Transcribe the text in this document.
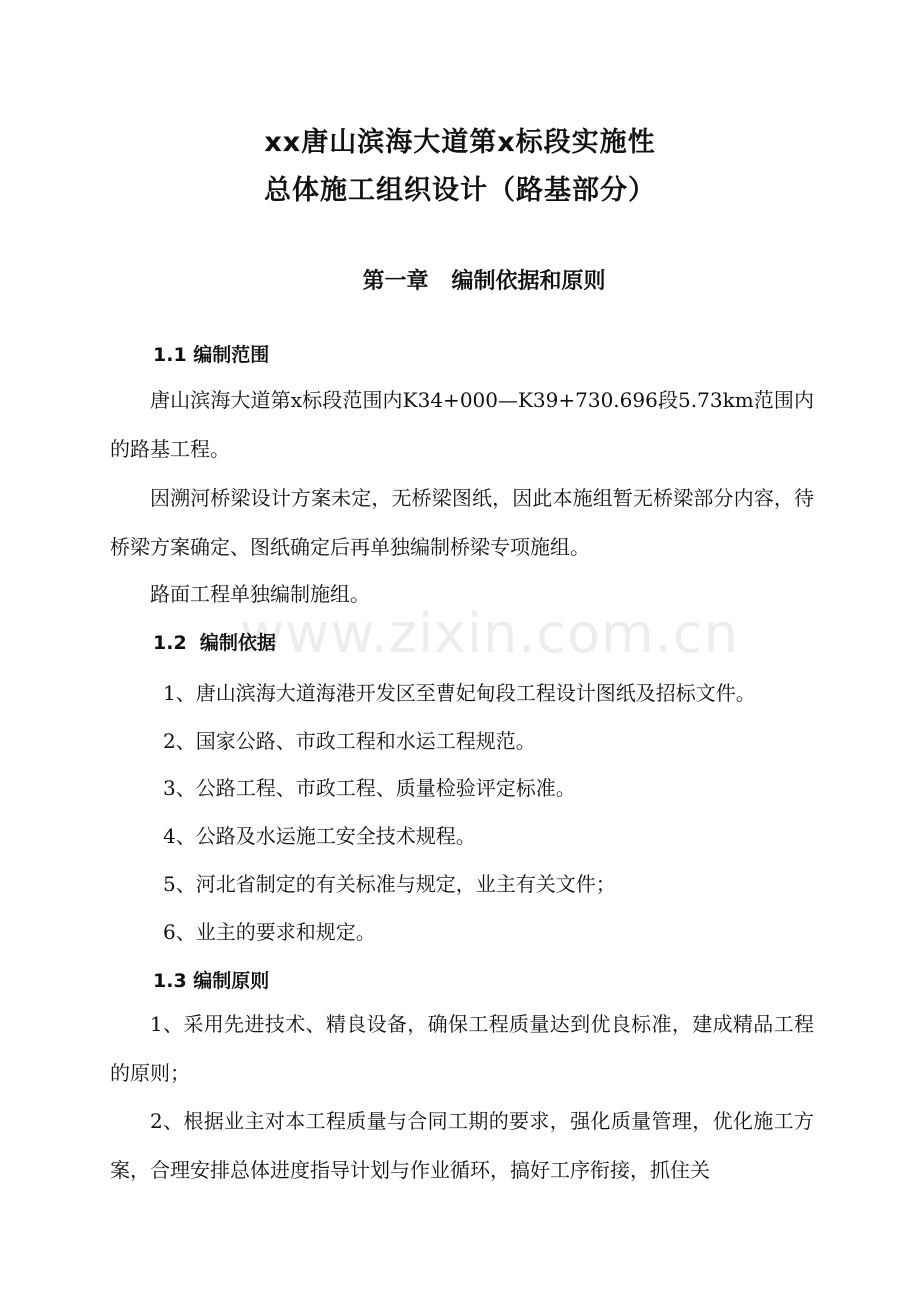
xx唐山滨海大道第x标段实施性
总体施工组织设计（路基部分）
第一章   编制依据和原则
1.1 编制范围

唐山滨海大道第x标段范围内K34+000—K39+730.696段5.73km范围内的路基工程。

因溯河桥梁设计方案未定，无桥梁图纸，因此本施组暂无桥梁部分内容，待桥梁方案确定、图纸确定后再单独编制桥梁专项施组。

路面工程单独编制施组。

1.2  编制依据
1、唐山滨海大道海港开发区至曹妃甸段工程设计图纸及招标文件。
2、国家公路、市政工程和水运工程规范。
3、公路工程、市政工程、质量检验评定标准。
4、公路及水运施工安全技术规程。
5、河北省制定的有关标准与规定，业主有关文件；
6、业主的要求和规定。
1.3 编制原则

1、采用先进技术、精良设备，确保工程质量达到优良标准，建成精品工程的原则；

2、根据业主对本工程质量与合同工期的要求，强化质量管理，优化施工方案，合理安排总体进度指导计划与作业循环，搞好工序衔接，抓住关

www.zixin.com.cn
